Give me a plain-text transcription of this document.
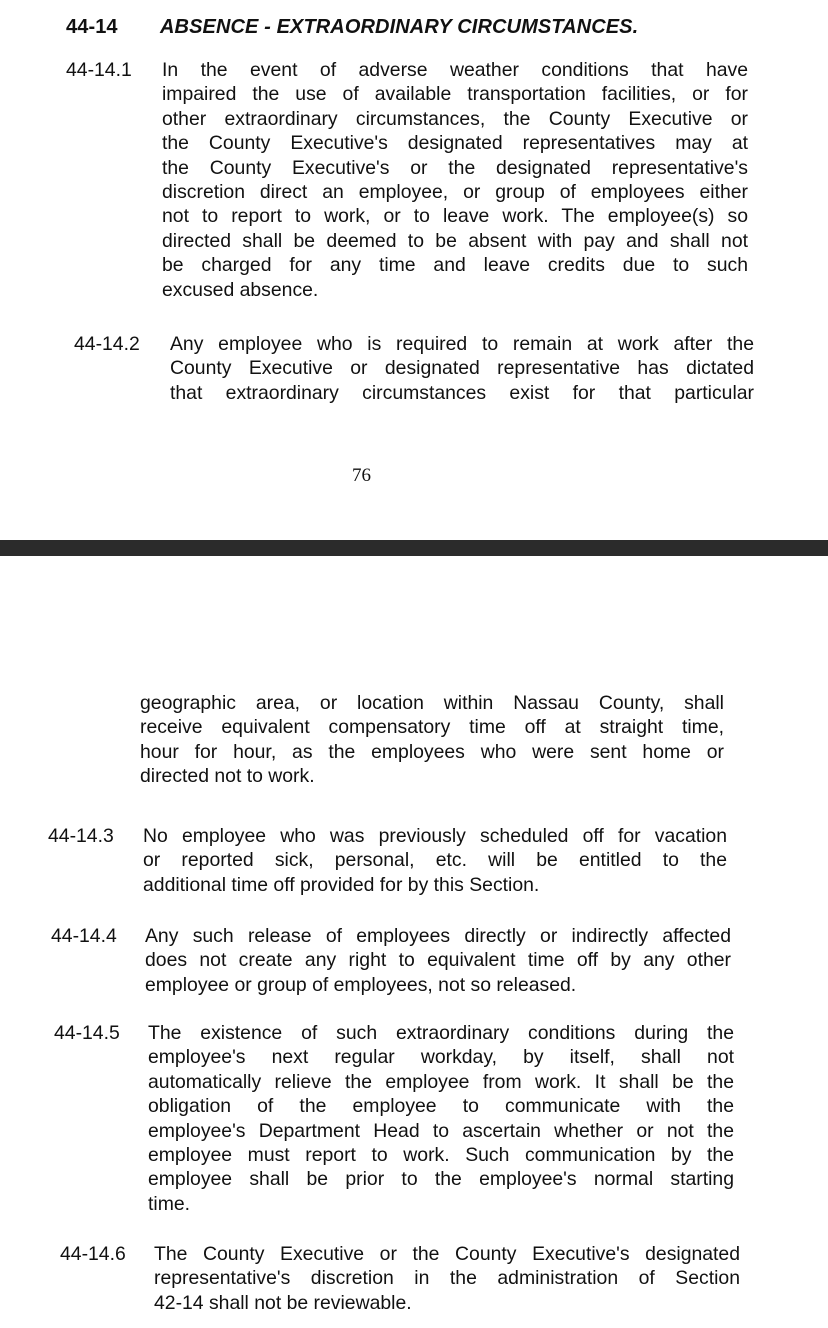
44-14 ABSENCE - EXTRAORDINARY CIRCUMSTANCES.
44-14.1 In the event of adverse weather conditions that have
impaired the use of available transportation facilities, or for
other extraordinary circumstances, the County Executive or
the County Executive's designated representatives may at
the County Executive's or the designated representative's
discretion direct an employee, or group of employees either
not to report to work, or to leave work. The employee(s) so
directed shall be deemed to be absent with pay and shall not
be charged for any time and leave credits due to such
excused absence.
44-14.2 Any employee who is required to remain at work after the
County Executive or designated representative has dictated
that extraordinary circumstances exist for that particular
76
geographic area, or location within Nassau County, shall
receive equivalent compensatory time off at straight time,
hour for hour, as the employees who were sent home or
directed not to work.
44-14.3 No employee who was previously scheduled off for vacation
or reported sick, personal, etc. will be entitled to the
additional time off provided for by this Section.
44-14.4 Any such release of employees directly or indirectly affected
does not create any right to equivalent time off by any other
employee or group of employees, not so released.
44-14.5 The existence of such extraordinary conditions during the
employee's next regular workday, by itself, shall not
automatically relieve the employee from work. It shall be the
obligation of the employee to communicate with the
employee's Department Head to ascertain whether or not the
employee must report to work. Such communication by the
employee shall be prior to the employee's normal starting
time.
44-14.6 The County Executive or the County Executive's designated
representative's discretion in the administration of Section
42-14 shall not be reviewable.
